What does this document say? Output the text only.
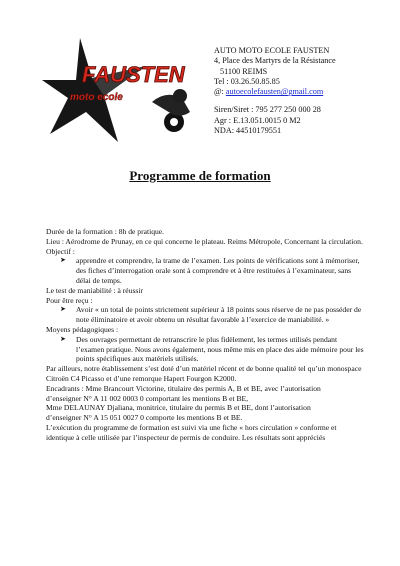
FAUSTEN
moto ecole
AUTO MOTO ECOLE FAUSTEN
4, Place des Martyrs de la Résistance
51100 REIMS
Tel : 03.26.50.85.85
@: autoecolefausten@gmail.com
Siren/Siret : 795 277 250 000 28
Agr : E.13.051.0015 0 M2
NDA: 44510179551
Programme de formation

Durée de la formation : 8h de pratique.

Lieu : Aérodrome de Prunay, en ce qui concerne le plateau. Reims Métropole, Concernant la circulation.

Objectif :

➤ apprendre et comprendre, la trame de l’examen. Les points de vérifications sont à mémoriser, des fiches d’interrogation orale sont à comprendre et à être restituées à l’examinateur, sans délai de temps.

Le test de maniabilité : à réussir

Pour être reçu :

➤ Avoir « un total de points strictement supérieur à 18 points sous réserve de ne pas posséder de note éliminatoire et avoir obtenu un résultat favorable à l’exercice de maniabilité. »

Moyens pédagogiques :

➤ Des ouvrages permettant de retranscrire le plus fidèlement, les termes utilisés pendant l’examen pratique. Nous avons également, nous même mis en place des aide mémoire pour les points spécifiques aux matériels utilisés.

Par ailleurs, notre établissement s’est doté d’un matériel récent et de bonne qualité tel qu’un monospace Citroën C4 Picasso et d’une remorque Hapert Fourgon K2000.

Encadrants : Mme Brancourt Victorine, titulaire des permis A, B et BE, avec l’autorisation

d’enseigner N° A 11 002 0003 0 comportant les mentions B et BE,

Mme DELAUNAY Djaliana, monitrice, titulaire du permis B et BE, dont l’autorisation

d’enseigner N° A 15 051 0027 0 comporte les mentions B et BE.

L’exécution du programme de formation est suivi via une fiche « hors circulation » conforme et identique à celle utilisée par l’inspecteur de permis de conduire. Les résultats sont appréciés
